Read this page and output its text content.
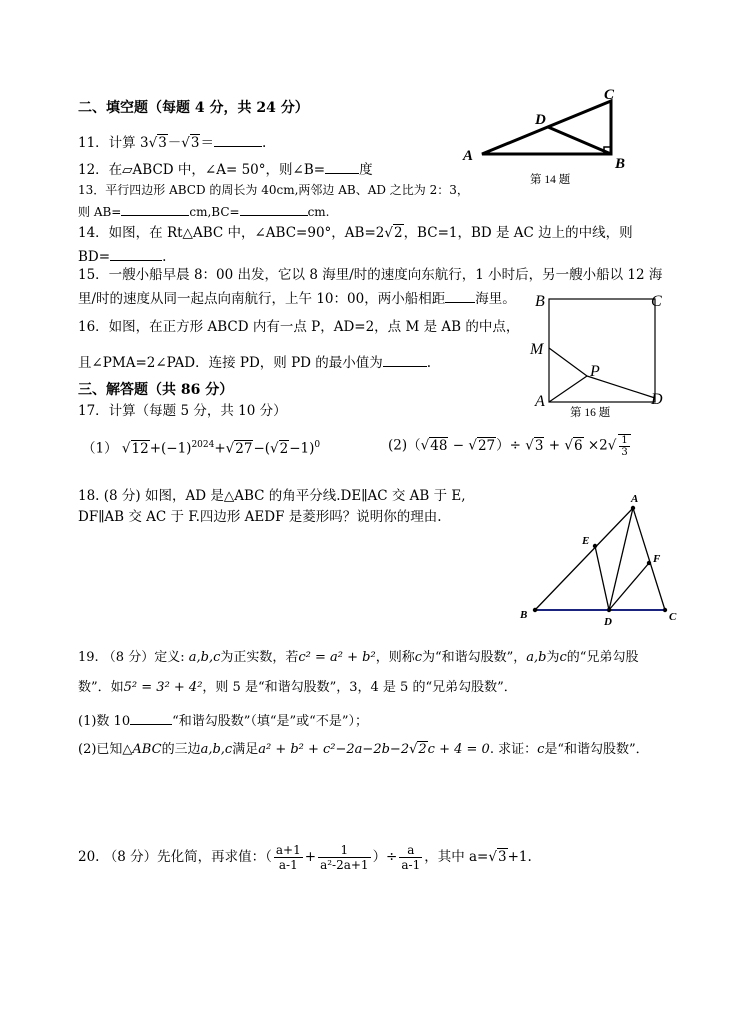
二、填空题（每题 4 分，共 24 分）
11．计算 3√3－√3＝	.
12．在▱ABCD 中，∠A= 50°，则∠B=	度
13．平行四边形 ABCD 的周长为 40cm,两邻边 AB、AD 之比为 2：3，
则 AB=	cm,BC=	cm.
14．如图，在 Rt△ABC 中，∠ABC=90°，AB=2√2，BC=1，BD 是 AC 边上的中线，则
BD=	.
15．一艘小船早晨 8：00 出发，它以 8 海里/时的速度向东航行，1 小时后，另一艘小船以 12 海
里/时的速度从同一起点向南航行，上午 10：00，两小船相距 海里。
16．如图，在正方形 ABCD 内有一点 P，AD=2，点 M 是 AB 的中点，
且∠PMA=2∠PAD．连接 PD，则 PD 的最小值为	.
三、解答题（共 86 分）
17．计算（每题 5 分，共 10 分）
（1） $√12+(-1)^{2024}+√27-(√2-1)^0$	$(2)(√48 - √27)\div √3 + √6 \times 2√ \frac{1}{3}$
18. (8 分) 如图，AD 是△ABC 的角平分线.DE∥AC 交 AB 于 E,
DF∥AB 交 AC 于 F.四边形 AEDF 是菱形吗？说明你的理由.
19. （8 分）定义: a,b,c为正实数，若c² = a² + b²，则称c为“和谐勾股数”，a,b为c的“兄弟勾股
数”．如5² = 3² + 4²，则 5 是“和谐勾股数”，3，4 是 5 的“兄弟勾股数”．
(1)数 10	“和谐勾股数”（填“是”或“不是”）；
(2)已知△ABC的三边a,b,c满足a² + b² + c²−2a−2b−2√2c + 4 = 0. 求证：c是“和谐勾股数”．
20. （8 分）先化简，再求值：（ $\frac{a+1}{a-1} + \frac{1}{\text{a²-2a+1}}$ ）÷ $\frac{a}{a-1}$ ，其中 a=√3+1.
A	B
C
D
第 14 题
B	C
M
P
A	D
第 16 题
A
B	C
D
E
F
